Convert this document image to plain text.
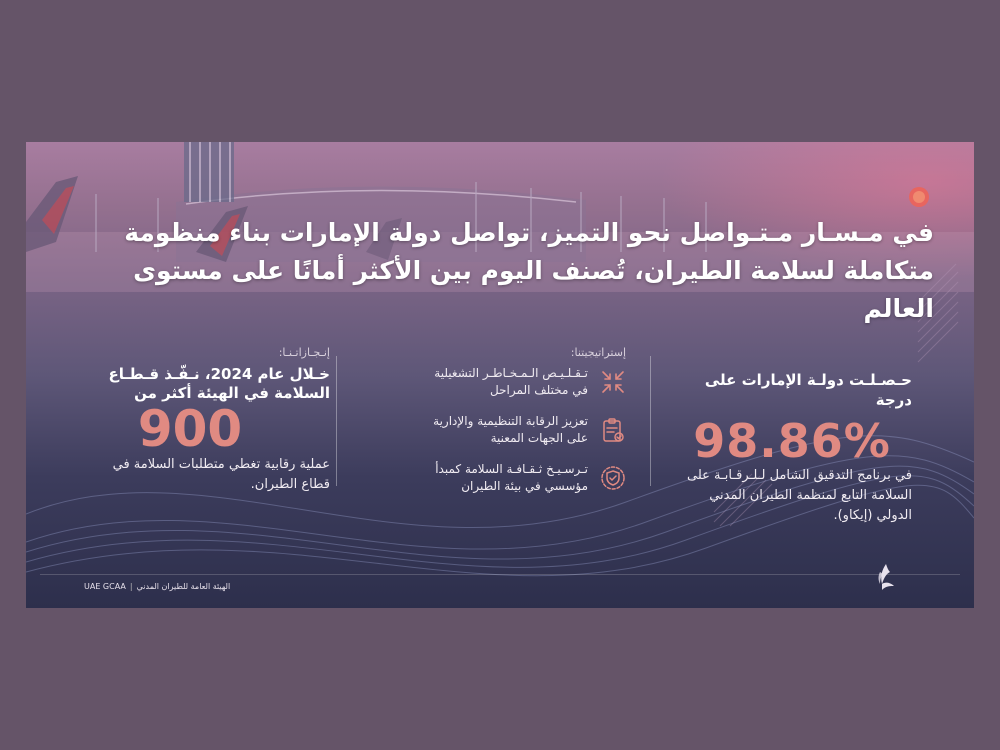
في مـسـار مـتـواصل نحو التميز، تواصل دولة الإمارات بناء منظومة
متكاملة لسلامة الطيران، تُصنف اليوم بين الأكثر أمانًا على مستوى
العالم
حـصـلـت دولـة الإمارات على درجة
98.86%
في برنامج التدقيق الشامل لـلـرقـابـة على السلامة التابع لمنظمة الطيران المدني الدولي (إيكاو).
إستراتيجيتنا:
تـقـلـيـص الـمـخـاطـر التشغيلية
في مختلف المراحل
تعزيز الرقابة التنظيمية والإدارية
على الجهات المعنية
تـرسـيـخ ثـقـافـة السلامة كمبدأ
مؤسسي في بيئة الطيران
إنـجـازاتـنـا:
خـلال عام 2024، نـفّـذ قـطـاع السلامة في الهيئة أكثر من
900
عملية رقابية تغطي متطلبات السلامة في قطاع الطيران.
UAE GCAA | الهيئة العامة للطيران المدني
